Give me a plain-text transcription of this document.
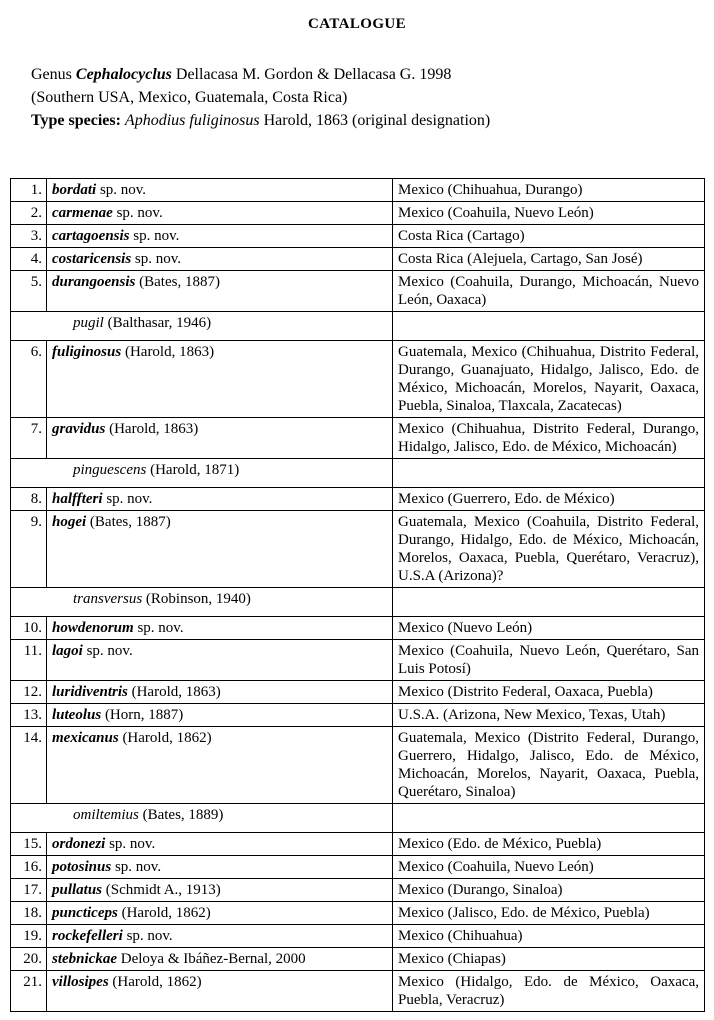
CATALOGUE
Genus Cephalocyclus Dellacasa M. Gordon & Dellacasa G. 1998
(Southern USA, Mexico, Guatemala, Costa Rica)
Type species: Aphodius fuliginosus Harold, 1863 (original designation)
1.	bordati sp. nov.	Mexico (Chihuahua, Durango)
2.	carmenae sp. nov.	Mexico (Coahuila, Nuevo León)
3.	cartagoensis sp. nov.	Costa Rica (Cartago)
4.	costaricensis sp. nov.	Costa Rica (Alejuela, Cartago, San José)
5.	durangoensis (Bates, 1887)	Mexico (Coahuila, Durango, Michoacán, Nuevo León, Oaxaca)
pugil (Balthasar, 1946)		
6.	fuliginosus (Harold, 1863)	Guatemala, Mexico (Chihuahua, Distrito Federal, Durango, Guanajuato, Hidalgo, Jalisco, Edo. de México, Michoacán, Morelos, Nayarit, Oaxaca, Puebla, Sinaloa, Tlaxcala, Zacatecas)
7.	gravidus (Harold, 1863)	Mexico (Chihuahua, Distrito Federal, Durango, Hidalgo, Jalisco, Edo. de México, Michoacán)
pinguescens (Harold, 1871)		
8.	halffteri sp. nov.	Mexico (Guerrero, Edo. de México)
9.	hogei (Bates, 1887)	Guatemala, Mexico (Coahuila, Distrito Federal, Durango, Hidalgo, Edo. de México, Michoacán, Morelos, Oaxaca, Puebla, Querétaro, Veracruz), U.S.A (Arizona)?
transversus (Robinson, 1940)		
10.	howdenorum sp. nov.	Mexico (Nuevo León)
11.	lagoi sp. nov.	Mexico (Coahuila, Nuevo León, Querétaro, San Luis Potosí)
12.	luridiventris (Harold, 1863)	Mexico (Distrito Federal, Oaxaca, Puebla)
13.	luteolus (Horn, 1887)	U.S.A. (Arizona, New Mexico, Texas, Utah)
14.	mexicanus (Harold, 1862)	Guatemala, Mexico (Distrito Federal, Durango, Guerrero, Hidalgo, Jalisco, Edo. de México, Michoacán, Morelos, Nayarit, Oaxaca, Puebla, Querétaro, Sinaloa)
omiltemius (Bates, 1889)		
15.	ordonezi sp. nov.	Mexico (Edo. de México, Puebla)
16.	potosinus sp. nov.	Mexico (Coahuila, Nuevo León)
17.	pullatus (Schmidt A., 1913)	Mexico (Durango, Sinaloa)
18.	puncticeps (Harold, 1862)	Mexico (Jalisco, Edo. de México, Puebla)
19.	rockefelleri sp. nov.	Mexico (Chihuahua)
20.	stebnickae Deloya & Ibáñez-Bernal, 2000	Mexico (Chiapas)
21.	villosipes (Harold, 1862)	Mexico (Hidalgo, Edo. de México, Oaxaca, Puebla, Veracruz)
